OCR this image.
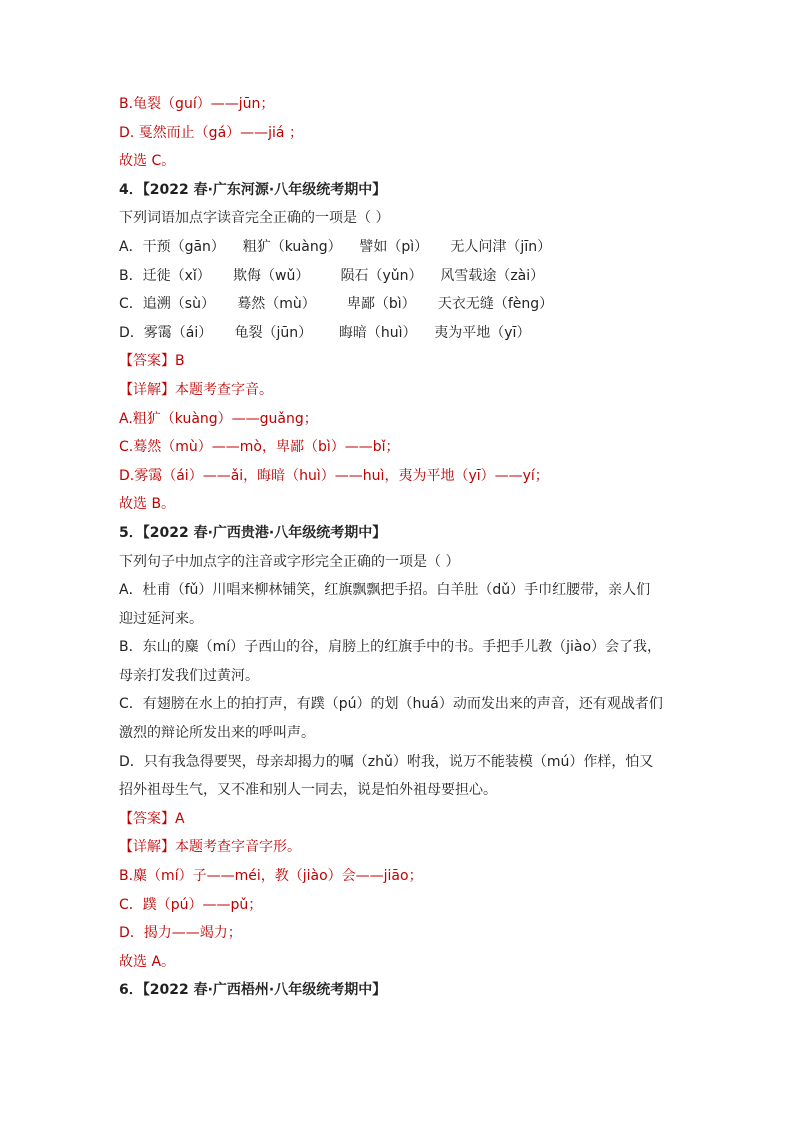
B.龟裂（guí）——jūn；
D. 戛然而止（gá）——jiá ；
故选 C。
4．【2022 春·广东河源·八年级统考期中】
下列词语加点字读音完全正确的一项是（ ）
A．干预（gān）    粗犷（kuàng）    譬如（pì）     无人问津（jīn）
B．迁徙（xǐ）     欺侮（wǔ）       陨石（yǔn）    风雪载途（zài）
C．追溯（sù）     蓦然（mù）       卑鄙（bì）     天衣无缝（fèng）
D．雾霭（ái）     龟裂（jūn）      晦暗（huì）    夷为平地（yī）
【答案】B
【详解】本题考查字音。
A.粗犷（kuàng）——guǎng；
C.蓦然（mù）——mò，卑鄙（bì）——bǐ；
D.雾霭（ái）——ǎi，晦暗（huì）——huì，夷为平地（yī）——yí；
故选 B。
5．【2022 春·广西贵港·八年级统考期中】
下列句子中加点字的注音或字形完全正确的一项是（ ）
A．杜甫（fǔ）川唱来柳林铺笑，红旗飘飘把手招。白羊肚（dǔ）手巾红腰带，亲人们
迎过延河来。
B．东山的麋（mí）子西山的谷，肩膀上的红旗手中的书。手把手儿教（jiào）会了我，
母亲打发我们过黄河。
C．有翅膀在水上的拍打声，有蹼（pú）的划（huá）动而发出来的声音，还有观战者们
激烈的辩论所发出来的呼叫声。
D．只有我急得要哭，母亲却揭力的嘱（zhǔ）咐我，说万不能装模（mú）作样，怕又
招外祖母生气，又不准和别人一同去，说是怕外祖母要担心。
【答案】A
【详解】本题考查字音字形。
B.麋（mí）子——méi，教（jiào）会——jiāo；
C．蹼（pú）——pǔ；
D．揭力——竭力；
故选 A。
6．【2022 春·广西梧州·八年级统考期中】
